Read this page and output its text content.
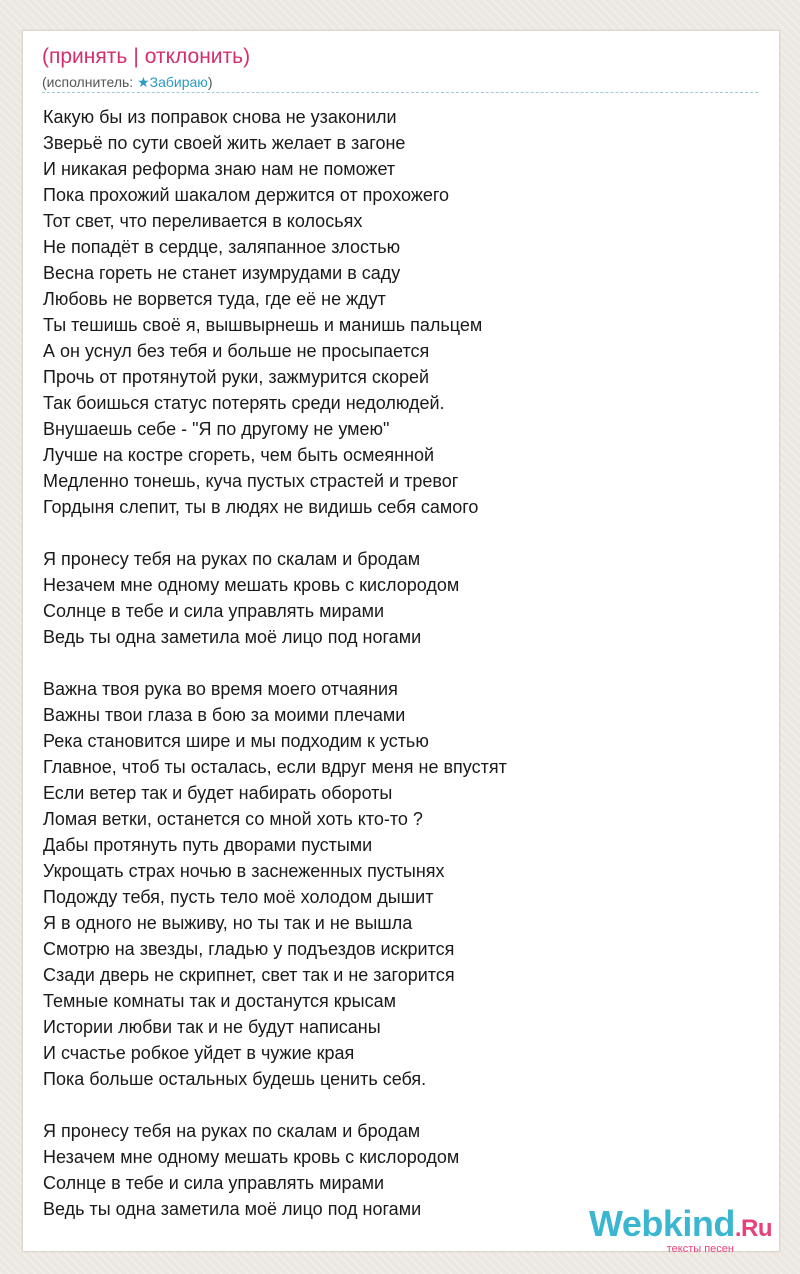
(принять | отклонить)
(исполнитель: ★Забираю)
Какую бы из поправок снова не узаконили
Зверьё по сути своей жить желает в загоне
И никакая реформа знаю нам не поможет
Пока прохожий шакалом держится от прохожего
Тот свет, что переливается в колосьях
Не попадёт в сердце, заляпанное злостью
Весна гореть не станет изумрудами в саду
Любовь не ворвется туда, где её не ждут
Ты тешишь своё я, вышвырнешь и манишь пальцем
А он уснул без тебя и больше не просыпается
Прочь от протянутой руки, зажмурится скорей
Так боишься статус потерять среди недолюдей.
Внушаешь себе - "Я по другому не умею"
Лучше на костре сгореть, чем быть осмеянной
Медленно тонешь, куча пустых страстей и тревог
Гордыня слепит, ты в людях не видишь себя самого
Я пронесу тебя на руках по скалам и бродам
Незачем мне одному мешать кровь с кислородом
Солнце в тебе и сила управлять мирами
Ведь ты одна заметила моё лицо под ногами
Важна твоя рука во время моего отчаяния
Важны твои глаза в бою за моими плечами
Река становится шире и мы подходим к устью
Главное, чтоб ты осталась, если вдруг меня не впустят
Если ветер так и будет набирать обороты
Ломая ветки, останется со мной хоть кто-то ?
Дабы протянуть путь дворами пустыми
Укрощать страх ночью в заснеженных пустынях
Подожду тебя, пусть тело моё холодом дышит
Я в одного не выживу, но ты так и не вышла
Смотрю на звезды, гладью у подъездов искрится
Сзади дверь не скрипнет, свет так и не загорится
Темные комнаты так и достанутся крысам
Истории любви так и не будут написаны
И счастье робкое уйдет в чужие края
Пока больше остальных будешь ценить себя.
Я пронесу тебя на руках по скалам и бродам
Незачем мне одному мешать кровь с кислородом
Солнце в тебе и сила управлять мирами
Ведь ты одна заметила моё лицо под ногами	Webkind.Ru
тексты песен
